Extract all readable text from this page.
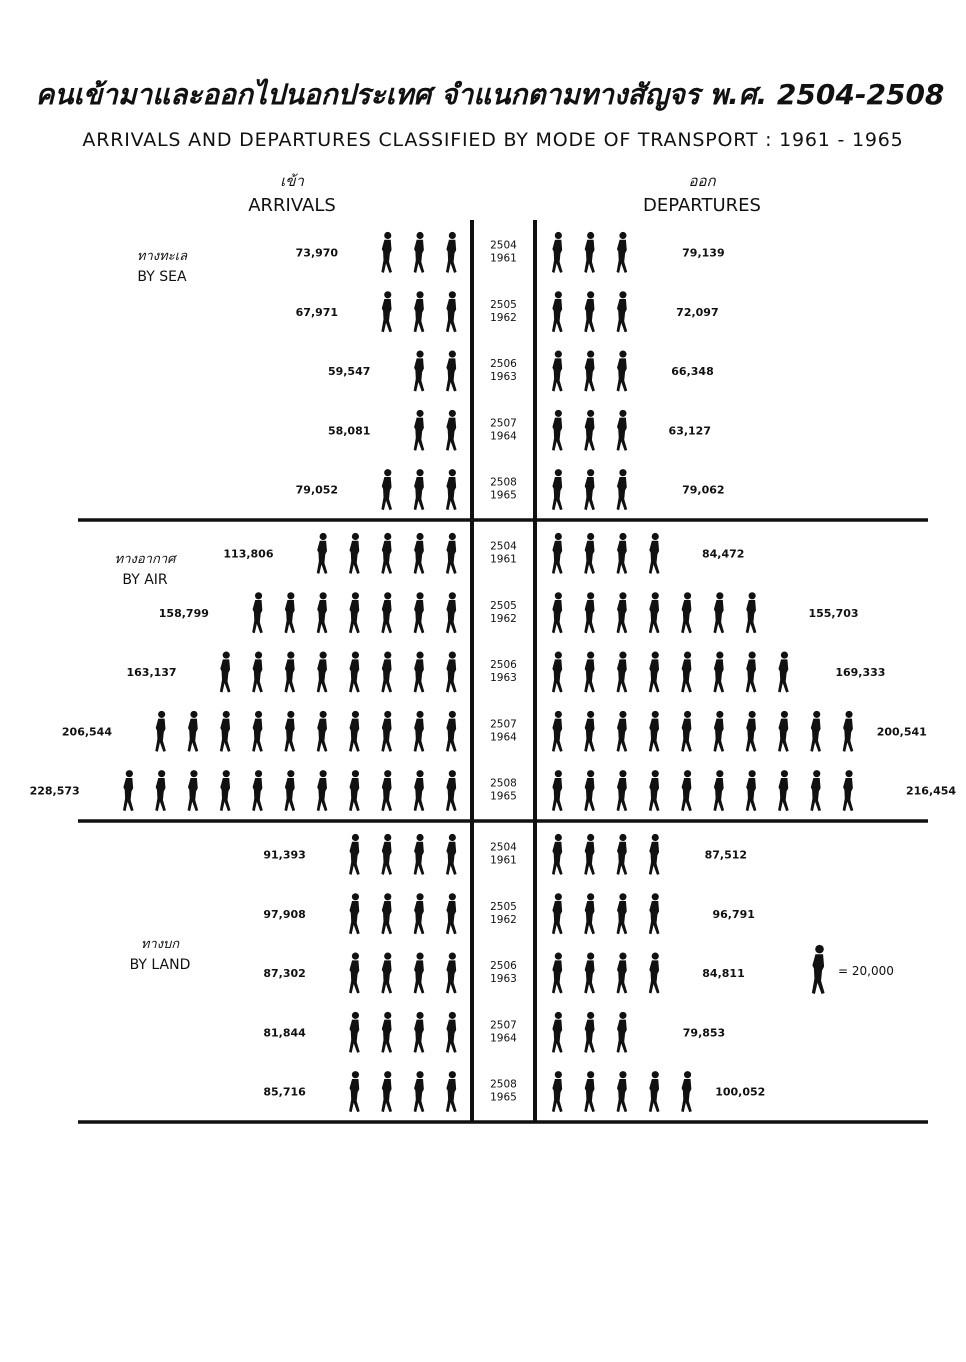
คนเข้ามาและออกไปนอกประเทศ จำแนกตามทางสัญจร พ.ศ. 2504-2508
ARRIVALS AND DEPARTURES CLASSIFIED BY MODE OF TRANSPORT : 1961 - 1965
เข้า
ARRIVALS
ออก
DEPARTURES
ทางทะเล
BY SEA
ทางอากาศ
BY AIR
ทางบก
BY LAND	= 20,000
2504
1961
73,970	79,139
2505
1962
67,971	72,097
2506
1963
59,547	66,348
2507
1964
58,081	63,127
2508
1965
79,052	79,062
2504
1961
113,806	84,472
2505
1962
158,799	155,703
2506
1963
163,137	169,333
2507
1964
206,544	200,541
2508
1965
228,573	216,454
2504
1961
91,393	87,512
2505
1962
97,908	96,791
2506
1963
87,302	84,811
2507
1964
81,844	79,853
2508
1965
85,716	100,052
